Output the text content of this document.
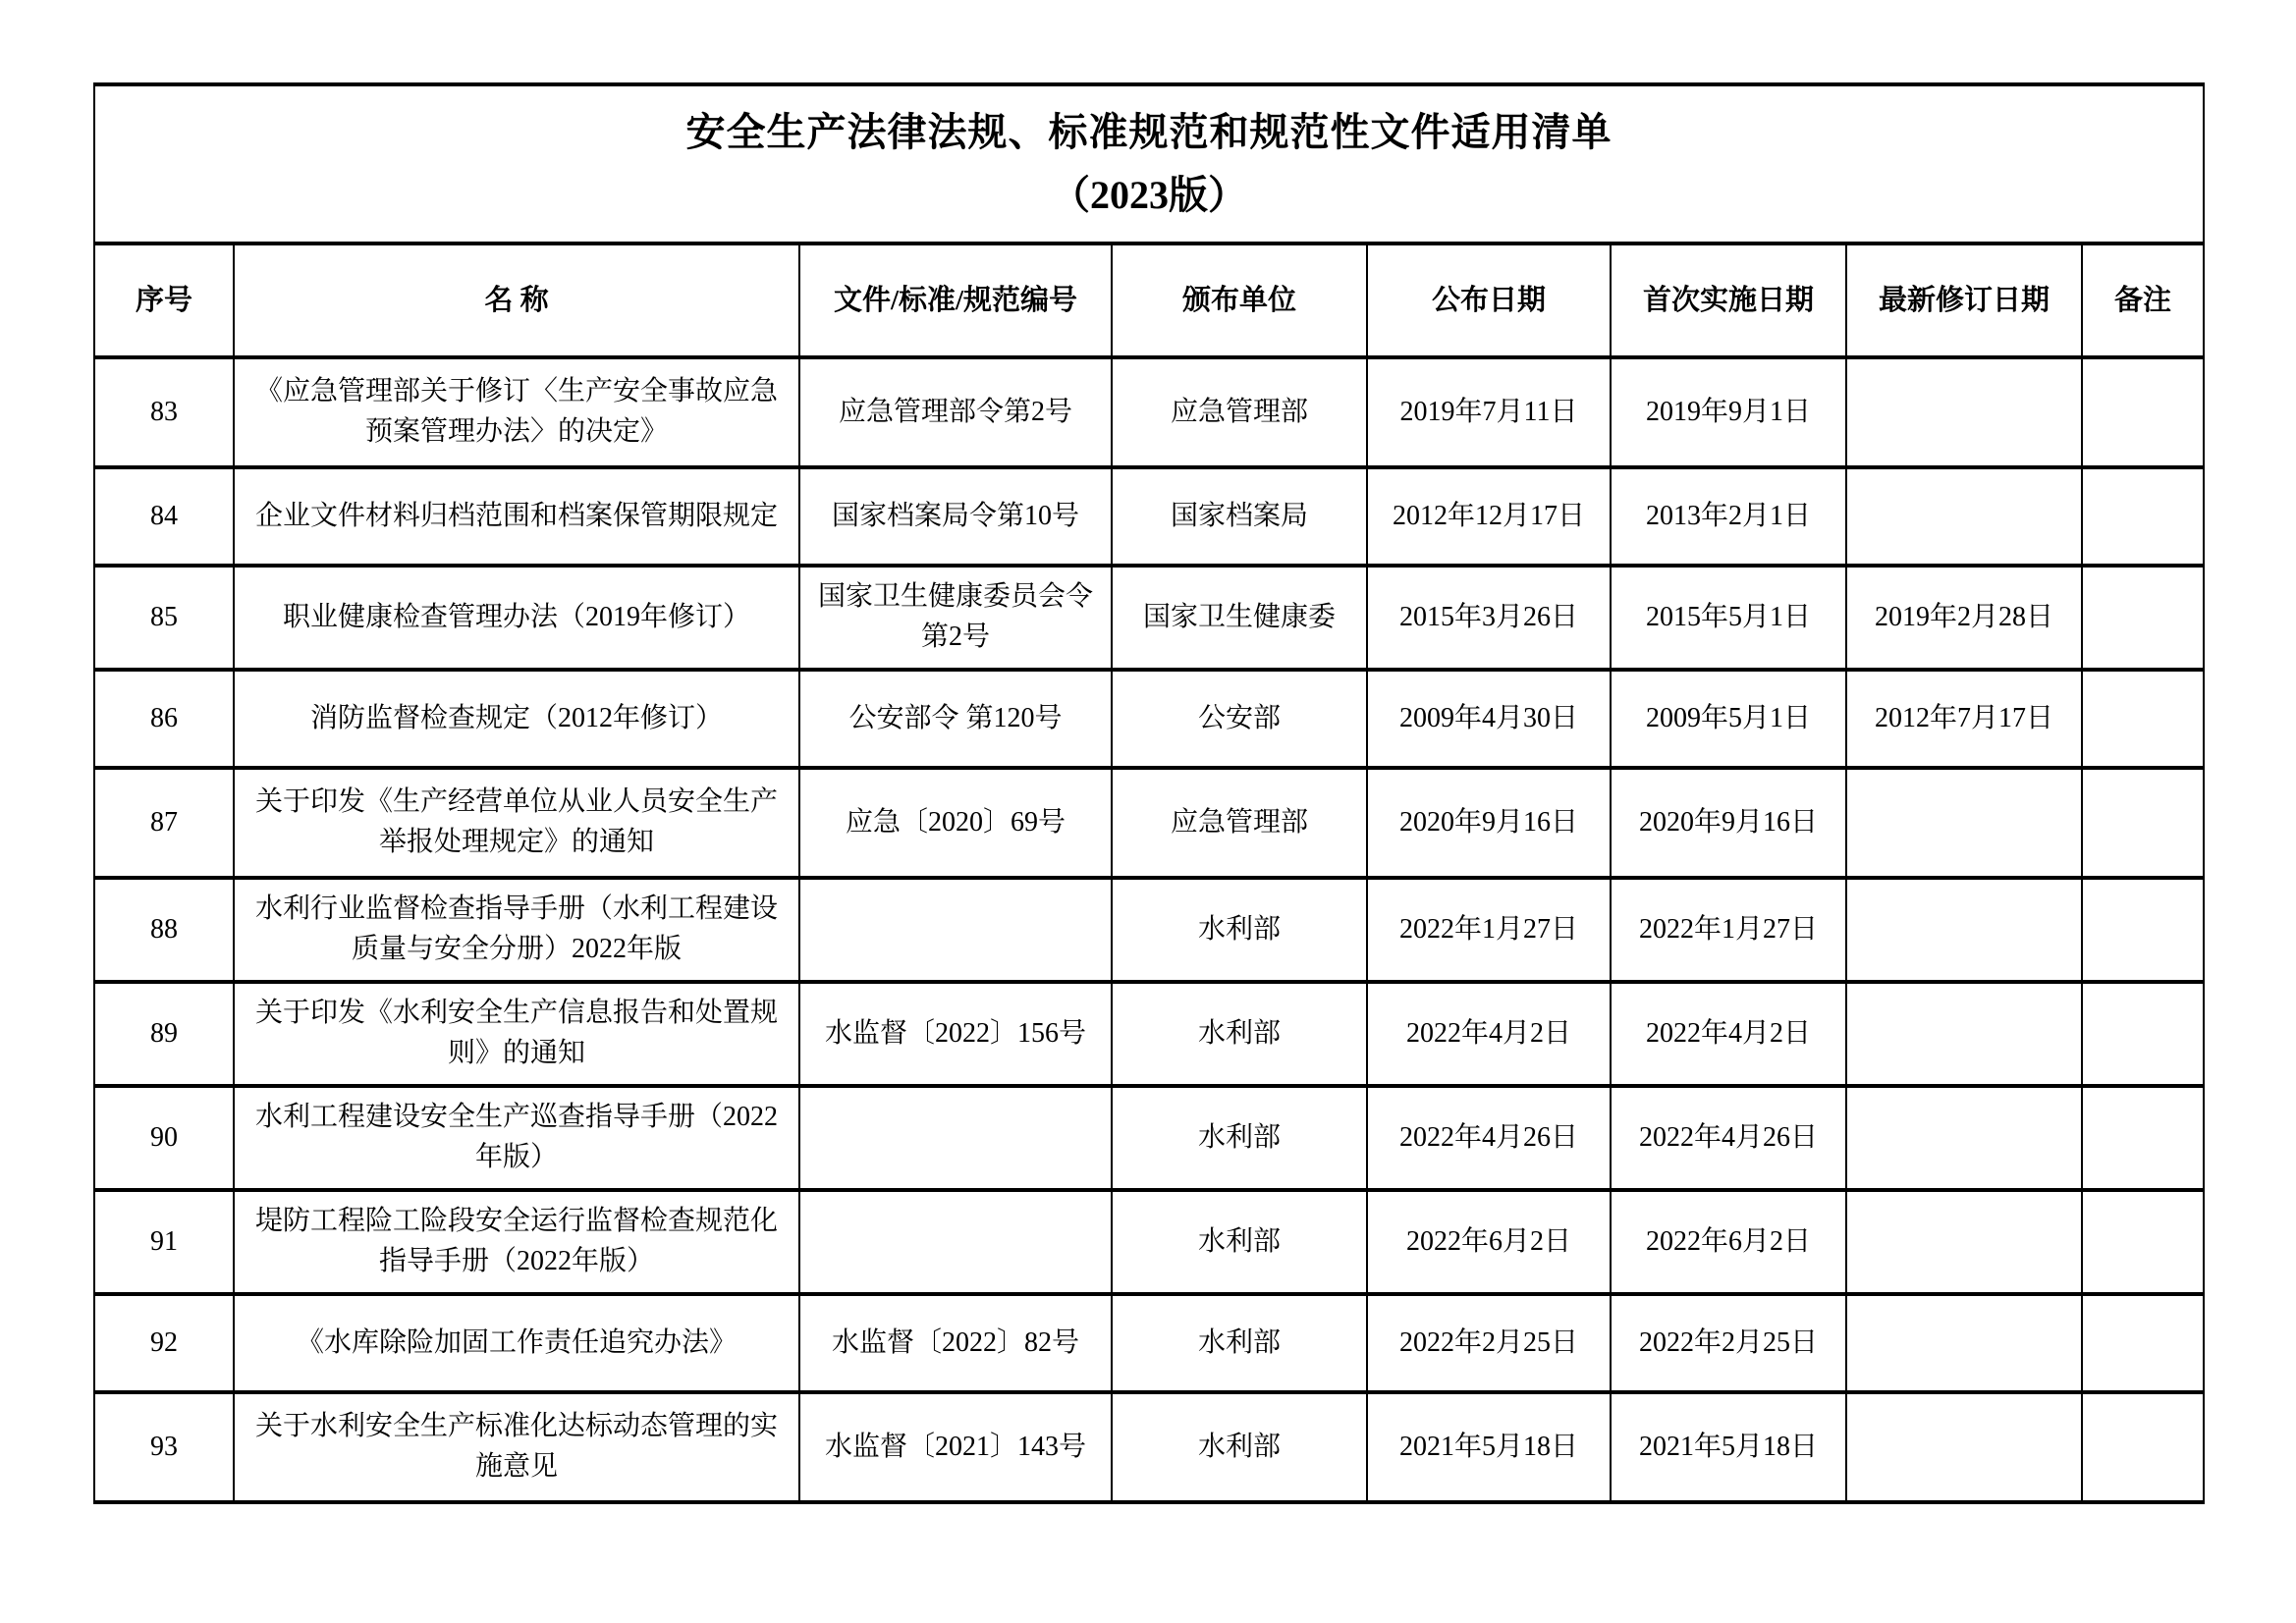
安全生产法律法规、标准规范和规范性文件适用清单
（2023版）							

序号	名 称	文件/标准/规范编号	颁布单位	公布日期	首次实施日期	最新修订日期	备注
83	《应急管理部关于修订〈生产安全事故应急预案管理办法〉的决定》	应急管理部令第2号	应急管理部	2019年7月11日	2019年9月1日		
84	企业文件材料归档范围和档案保管期限规定	国家档案局令第10号	国家档案局	2012年12月17日	2013年2月1日		
85	职业健康检查管理办法（2019年修订）	国家卫生健康委员会令第2号	国家卫生健康委	2015年3月26日	2015年5月1日	2019年2月28日	
86	消防监督检查规定（2012年修订）	公安部令 第120号	公安部	2009年4月30日	2009年5月1日	2012年7月17日	
87	关于印发《生产经营单位从业人员安全生产举报处理规定》的通知	应急〔2020〕69号	应急管理部	2020年9月16日	2020年9月16日		
88	水利行业监督检查指导手册（水利工程建设质量与安全分册）2022年版		水利部	2022年1月27日	2022年1月27日		
89	关于印发《水利安全生产信息报告和处置规则》的通知	水监督〔2022〕156号	水利部	2022年4月2日	2022年4月2日		
90	水利工程建设安全生产巡查指导手册（2022年版）		水利部	2022年4月26日	2022年4月26日		
91	堤防工程险工险段安全运行监督检查规范化指导手册（2022年版）		水利部	2022年6月2日	2022年6月2日		
92	《水库除险加固工作责任追究办法》	水监督〔2022〕82号	水利部	2022年2月25日	2022年2月25日		
93	关于水利安全生产标准化达标动态管理的实施意见	水监督〔2021〕143号	水利部	2021年5月18日	2021年5月18日		
